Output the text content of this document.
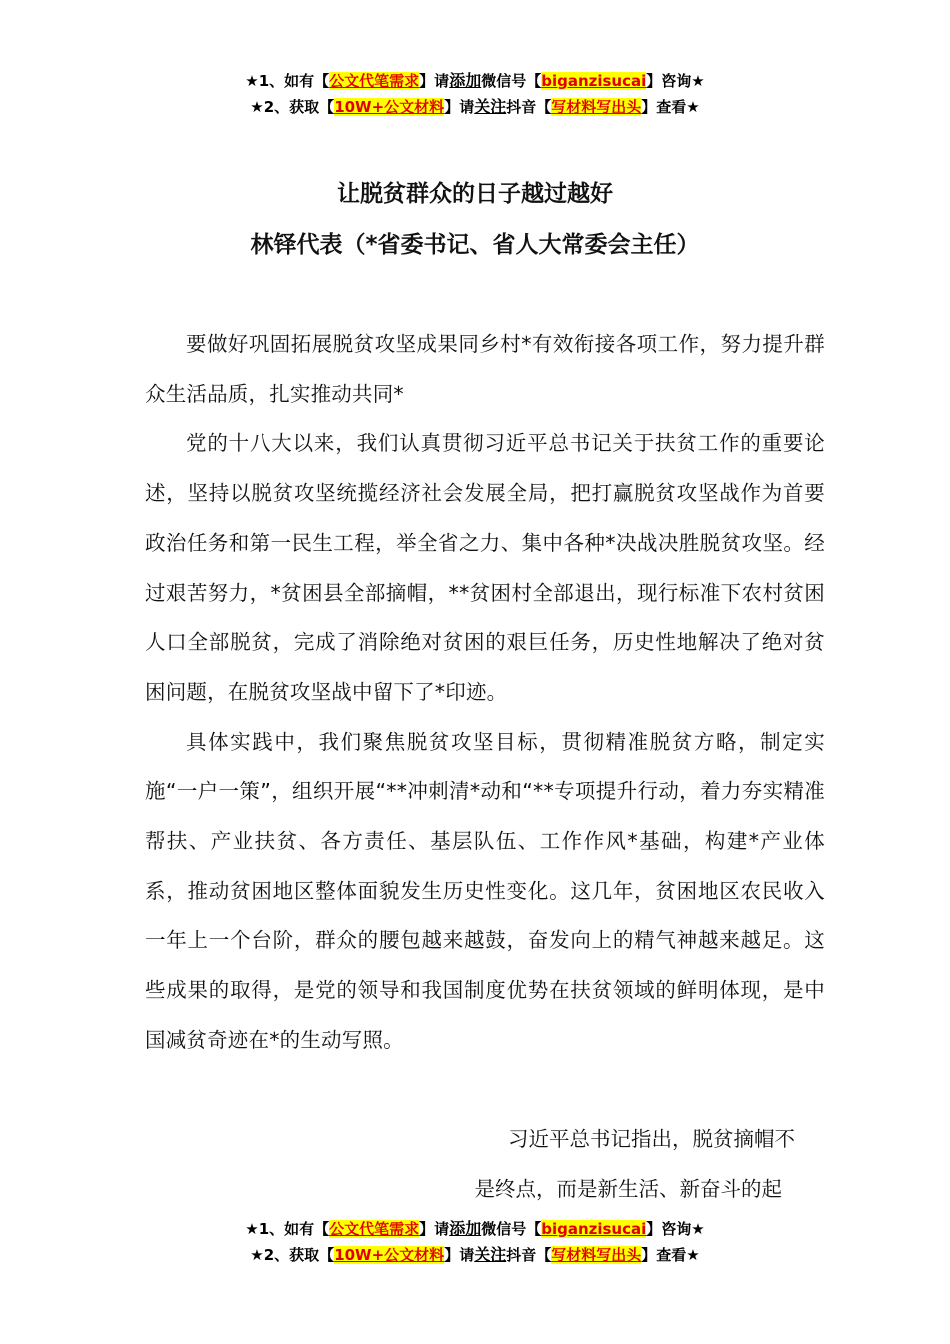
★1、如有【公文代笔需求】请添加微信号【biganzisucai】咨询★
★2、获取【10W+公文材料】请关注抖音【写材料写出头】查看★
让脱贫群众的日子越过越好
林铎代表（*省委书记、省人大常委会主任）

要做好巩固拓展脱贫攻坚成果同乡村*有效衔接各项工作，努力提升群众生活品质，扎实推动共同*

党的十八大以来，我们认真贯彻习近平总书记关于扶贫工作的重要论述，坚持以脱贫攻坚统揽经济社会发展全局，把打赢脱贫攻坚战作为首要政治任务和第一民生工程，举全省之力、集中各种*决战决胜脱贫攻坚。经过艰苦努力，*贫困县全部摘帽，**贫困村全部退出，现行标准下农村贫困人口全部脱贫，完成了消除绝对贫困的艰巨任务，历史性地解决了绝对贫困问题，在脱贫攻坚战中留下了*印迹。

具体实践中，我们聚焦脱贫攻坚目标，贯彻精准脱贫方略，制定实施“一户一策”，组织开展“**冲刺清*动和“**专项提升行动，着力夯实精准帮扶、产业扶贫、各方责任、基层队伍、工作作风*基础，构建*产业体系，推动贫困地区整体面貌发生历史性变化。这几年，贫困地区农民收入一年上一个台阶，群众的腰包越来越鼓，奋发向上的精气神越来越足。这些成果的取得，是党的领导和我国制度优势在扶贫领域的鲜明体现，是中国减贫奇迹在*的生动写照。

习近平总书记指出，脱贫摘帽不
是终点，而是新生活、新奋斗的起
★1、如有【公文代笔需求】请添加微信号【biganzisucai】咨询★
★2、获取【10W+公文材料】请关注抖音【写材料写出头】查看★
